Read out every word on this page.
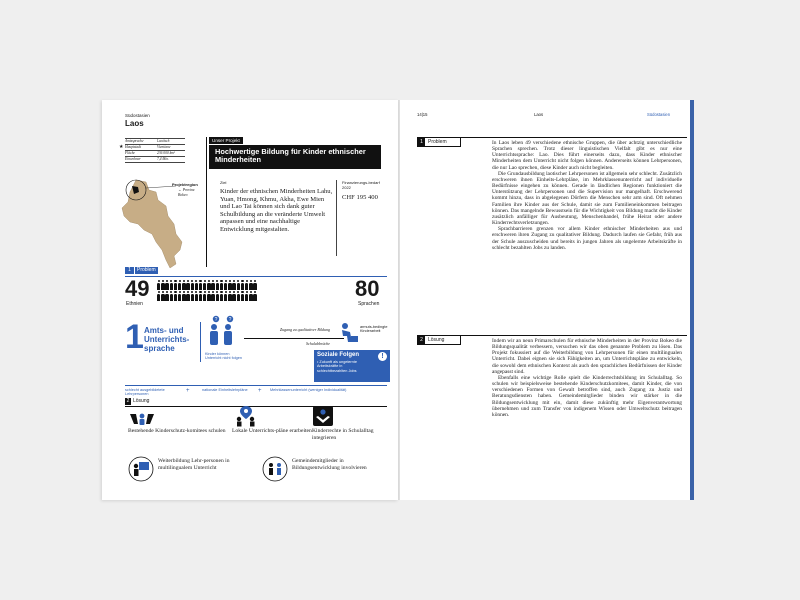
Südostasien
Laos
Amtssprache	Laotisch
Hauptstadt	Vientiane
Fläche	236 000 km²
Einwohner	7,4 Mio.
★
Projektregion
← Provinz Bokeo
Unser Projekt
Hochwertige Bildung für Kinder ethnischer Minderheiten
Ziel
Kinder der ethnischen Minderheiten Lahu, Yuan, Hmong, Khmu, Akha, Ewe Mien und Lao Tai können sich dank guter Schulbildung an die veränderte Umwelt anpassen und eine nachhaltige Entwicklung mitgestalten.
Finanzierungs-bedarf 2022
CHF 195 400
1	Problem
49
Ethnien
80
Sprachen
1 Amts- und Unterrichts-sprache
? ?
Kinder können Unterricht nicht folgen
Zugang zu qualitativer Bildung
Schulabbrüche
armuts-bedingte Kinderarbeit
Soziale Folgen
• Zukunft als ungelernte Arbeitskräfte in schlechtbezahlten Jobs
!
schlecht ausgebildetete Lehrpersonen
+	nationale Einheitslehrpläne	+ Mehrklassenunterricht (weniger Individualität)
2 Lösung
Bestehende Kinderschutz-komitees schulen	Lokale Unterrichts-pläne erarbeiten Kinderrechte in Schulalltag integrieren
Weiterbildung Lehr-personen in multilingualem Unterricht
Gemeindemitglieder in Bildungsentwicklung involvieren
14|15	Laos	Südostasien
1	Problem	In Laos leben 49 verschiedene ethnische Gruppen, die über achtzig unterschiedliche Sprachen sprechen. Trotz dieser linguistischen Vielfalt gibt es nur eine Unterrichtssprache: Lao. Dies führt einerseits dazu, dass Kinder ethnischer Minderheiten dem Unterricht nicht folgen können. Andererseits können Lehrpersonen, die nur Lao sprechen, diese Kinder auch nicht begleiten.

Die Grundausbildung laotischer Lehrpersonen ist allgemein sehr schlecht. Zusätzlich erschweren ihnen Einheits-Lehrpläne, im Mehrklassenunterricht auf individuelle Bedürfnisse eingehen zu können. Gerade in ländlichen Regionen funktioniert die Unterstützung der Lehrpersonen und die Supervision nur mangelhaft. Erschwerend kommt hinzu, dass in abgelegenen Dörfern die Menschen sehr arm sind. Oft nehmen Familien ihre Kinder aus der Schule, damit sie zum Familieneinkommen beitragen können. Das mangelnde Bewusstsein für die Wichtigkeit von Bildung macht die Kinder zusätzlich anfälliger für Ausbeutung, Menschenhandel, frühe Heirat oder andere Kinderrechtsverletzungen.

Sprachbarrieren grenzen vor allem Kinder ethnischer Minderheiten aus und erschweren ihren Zugang zu qualitativer Bildung. Dadurch laufen sie Gefahr, früh aus der Schule auszuscheiden und bereits in jungen Jahren als ungelernte Arbeitskräfte in schlecht bezahlten Jobs zu landen.

2	Lösung	Indem wir an neun Primarschulen für ethnische Minderheiten in der Provinz Bokeo die Bildungsqualität verbessern, versuchen wir das oben genannte Problem zu lösen. Das Projekt fokussiert auf die Weiterbildung von Lehrpersonen für einen multilingualen Unterricht. Dabei eignen sie sich Fähigkeiten an, um Unterrichtspläne zu entwickeln, die sowohl dem ethnischen Kontext als auch den sprachlichen Bedürfnissen der Kinder angepasst sind.

Ebenfalls eine wichtige Rolle spielt die Kinderrechtsbildung im Schulalltag. So schulen wir beispielsweise bestehende Kinderschutzkomitees, damit Kinder, die von verschiedenen Formen von Gewalt betroffen sind, auch Zugang zu Justiz und Beratungsdiensten haben. Gemeindemitglieder binden wir stärker in die Bildungsentwicklung mit ein, damit diese zukünftig mehr Eigenverantwortung übernehmen und zum Transfer von indigenem Wissen oder Umweltschutz beitragen können.
